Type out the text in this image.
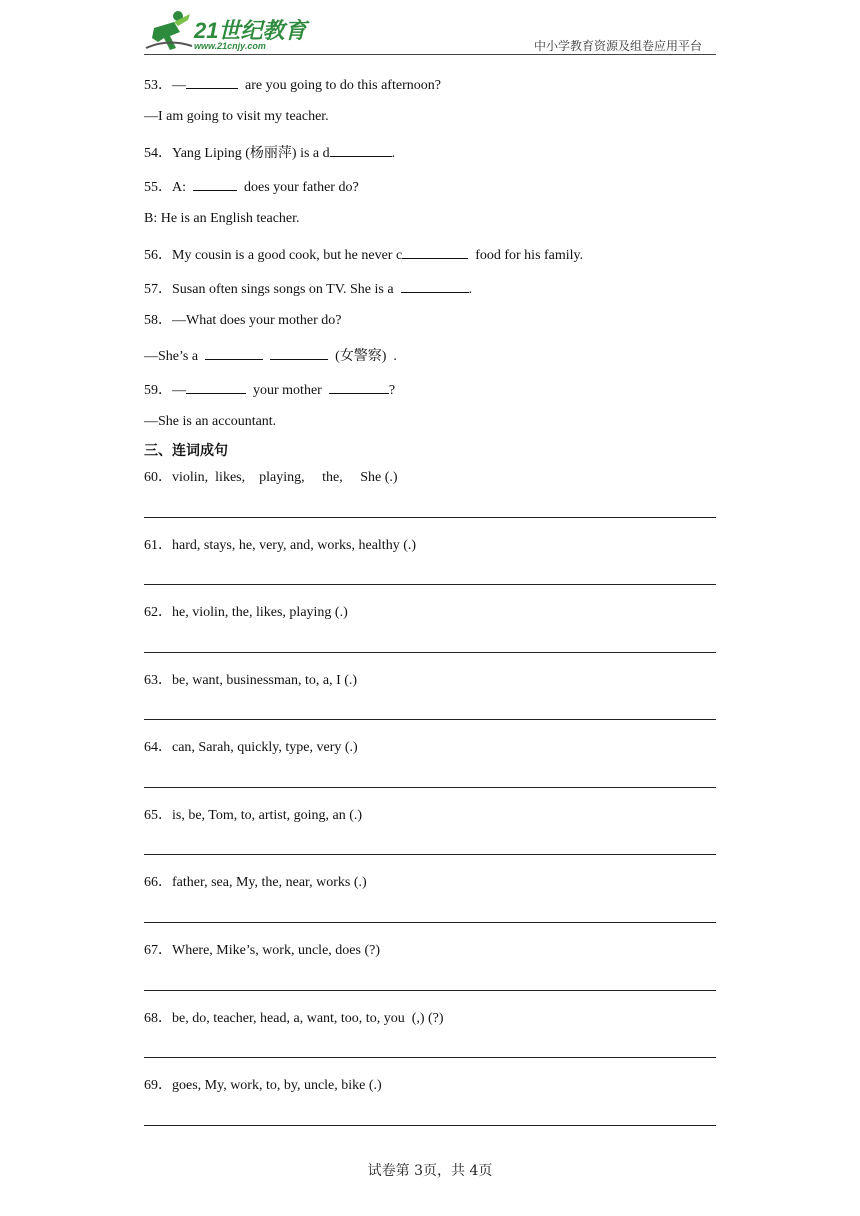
21世纪教育
www.21cnjy.com	中小学教育资源及组卷应用平台
53．—	are you going to do this afternoon?
—I am going to visit my teacher.
54．Yang Liping (杨丽萍) is a d	.
55．A:	does your father do?
B: He is an English teacher.
56．My cousin is a good cook, but he never c	food for his family.
57．Susan often sings songs on TV. She is a	.
58．—What does your mother do?
—She’s a	(女警察)  .
59．—	your mother	?
—She is an accountant.
三、连词成句
60．violin,  likes,    playing,     the,     She (.)
61．hard, stays, he, very, and, works, healthy (.)
62．he, violin, the, likes, playing (.)
63．be, want, businessman, to, a, I (.)
64．can, Sarah, quickly, type, very (.)
65．is, be, Tom, to, artist, going, an (.)
66．father, sea, My, the, near, works (.)
67．Where, Mike’s, work, uncle, does (?)
68．be, do, teacher, head, a, want, too, to, you  (,) (?)
69．goes, My, work, to, by, uncle, bike (.)
试卷第 3页，共 4页
